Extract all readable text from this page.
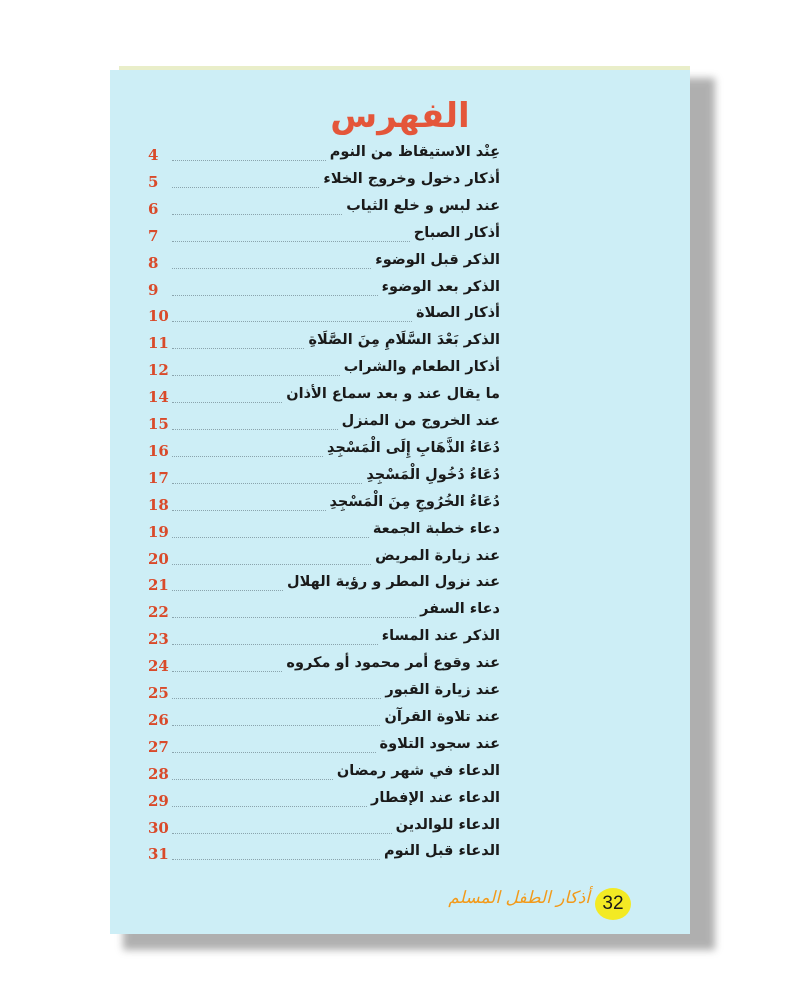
الفهرس
4	عِنْد الاستيقاظ من النوم
5	أذكار دخول وخروج الخلاء
6	عند لبس و خلع الثياب
7	أذكار الصباح
8	الذكر قبل الوضوء
9	الذكر بعد الوضوء
10	أذكار الصلاة
11	الذكر بَعْدَ السَّلَامِ مِنَ الصَّلَاةِ
12	أذكار الطعام والشراب
14	ما يقال عند و بعد سماع الأذان
15	عند الخروج من المنزل
16	دُعَاءُ الذَّهَابِ إِلَى الْمَسْجِدِ
17	دُعَاءُ دُخُولِ الْمَسْجِدِ
18	دُعَاءُ الخُرُوجِ مِنَ الْمَسْجِدِ
19	دعاء خطبة الجمعة
20	عند زيارة المريض
21	عند نزول المطر و رؤية الهلال
22	دعاء السفر
23	الذكر عند المساء
24	عند وقوع أمر محمود أو مكروه
25	عند زيارة القبور
26	عند تلاوة القرآن
27	عند سجود التلاوة
28	الدعاء في شهر رمضان
29	الدعاء عند الإفطار
30	الدعاء للوالدين
31	الدعاء قبل النوم
أذكار الطفل المسلم 32
